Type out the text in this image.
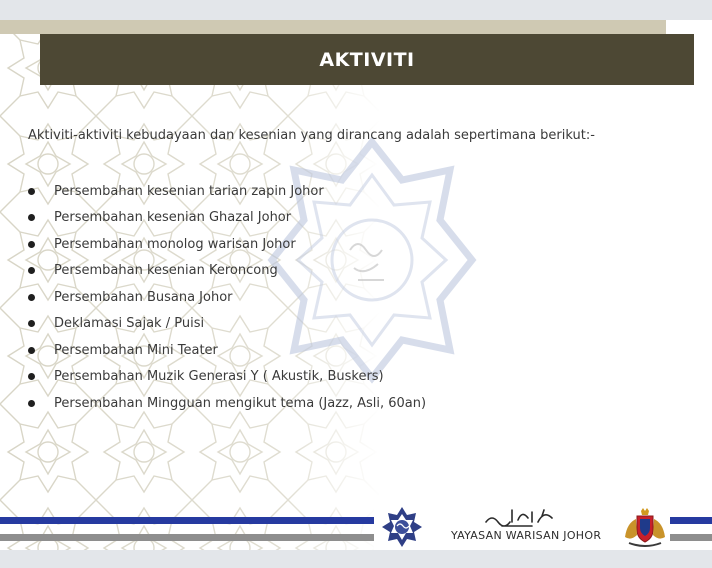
AKTIVITI
Aktiviti-aktiviti kebudayaan dan kesenian yang dirancang adalah sepertimana berikut:-
Persembahan kesenian tarian zapin Johor
Persembahan kesenian Ghazal Johor
Persembahan monolog warisan Johor
Persembahan kesenian Keroncong
Persembahan Busana Johor
Deklamasi Sajak / Puisi
Persembahan Mini Teater
Persembahan Muzik Generasi Y ( Akustik, Buskers)
Persembahan Mingguan mengikut tema (Jazz, Asli, 60an)
YAYASAN WARISAN JOHOR
